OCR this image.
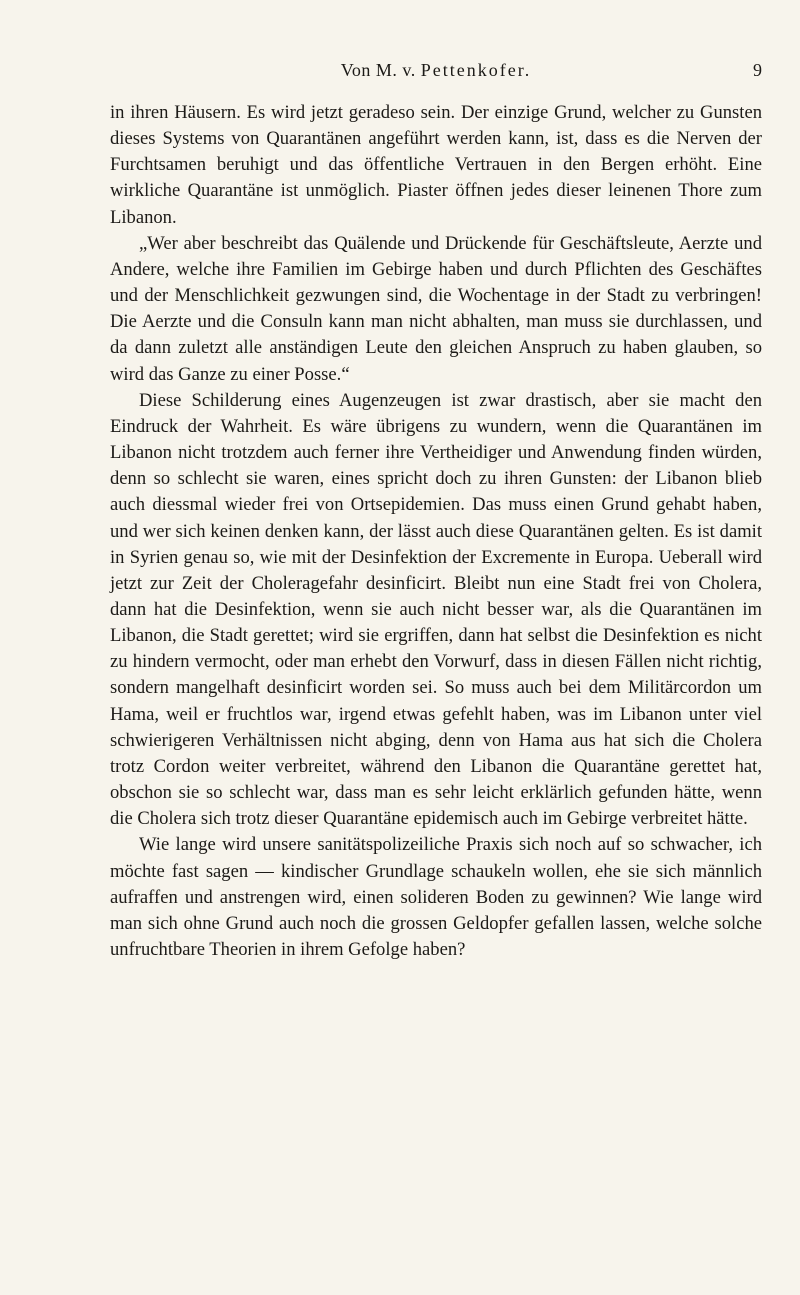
Von M. v. Pettenkofer.	9

in ihren Häusern. Es wird jetzt geradeso sein. Der einzige Grund, welcher zu Gunsten dieses Systems von Quarantänen angeführt werden kann, ist, dass es die Nerven der Furchtsamen beruhigt und das öffentliche Vertrauen in den Bergen erhöht. Eine wirkliche Quarantäne ist unmöglich. Piaster öffnen jedes dieser leinenen Thore zum Libanon.

„Wer aber beschreibt das Quälende und Drückende für Geschäftsleute, Aerzte und Andere, welche ihre Familien im Gebirge haben und durch Pflichten des Geschäftes und der Menschlichkeit gezwungen sind, die Wochentage in der Stadt zu verbringen! Die Aerzte und die Consuln kann man nicht abhalten, man muss sie durchlassen, und da dann zuletzt alle anständigen Leute den gleichen Anspruch zu haben glauben, so wird das Ganze zu einer Posse.“

Diese Schilderung eines Augenzeugen ist zwar drastisch, aber sie macht den Eindruck der Wahrheit. Es wäre übrigens zu wundern, wenn die Quarantänen im Libanon nicht trotzdem auch ferner ihre Vertheidiger und Anwendung finden würden, denn so schlecht sie waren, eines spricht doch zu ihren Gunsten: der Libanon blieb auch diessmal wieder frei von Ortsepidemien. Das muss einen Grund gehabt haben, und wer sich keinen denken kann, der lässt auch diese Quarantänen gelten. Es ist damit in Syrien genau so, wie mit der Desinfektion der Excremente in Europa. Ueberall wird jetzt zur Zeit der Choleragefahr desinficirt. Bleibt nun eine Stadt frei von Cholera, dann hat die Desinfektion, wenn sie auch nicht besser war, als die Quarantänen im Libanon, die Stadt gerettet; wird sie ergriffen, dann hat selbst die Desinfektion es nicht zu hindern vermocht, oder man erhebt den Vorwurf, dass in diesen Fällen nicht richtig, sondern mangelhaft desinficirt worden sei. So muss auch bei dem Militärcordon um Hama, weil er fruchtlos war, irgend etwas gefehlt haben, was im Libanon unter viel schwierigeren Verhältnissen nicht abging, denn von Hama aus hat sich die Cholera trotz Cordon weiter verbreitet, während den Libanon die Quarantäne gerettet hat, obschon sie so schlecht war, dass man es sehr leicht erklärlich gefunden hätte, wenn die Cholera sich trotz dieser Quarantäne epidemisch auch im Gebirge verbreitet hätte.

Wie lange wird unsere sanitätspolizeiliche Praxis sich noch auf so schwacher, ich möchte fast sagen — kindischer Grundlage schaukeln wollen, ehe sie sich männlich aufraffen und anstrengen wird, einen solideren Boden zu gewinnen? Wie lange wird man sich ohne Grund auch noch die grossen Geldopfer gefallen lassen, welche solche unfruchtbare Theorien in ihrem Gefolge haben?
